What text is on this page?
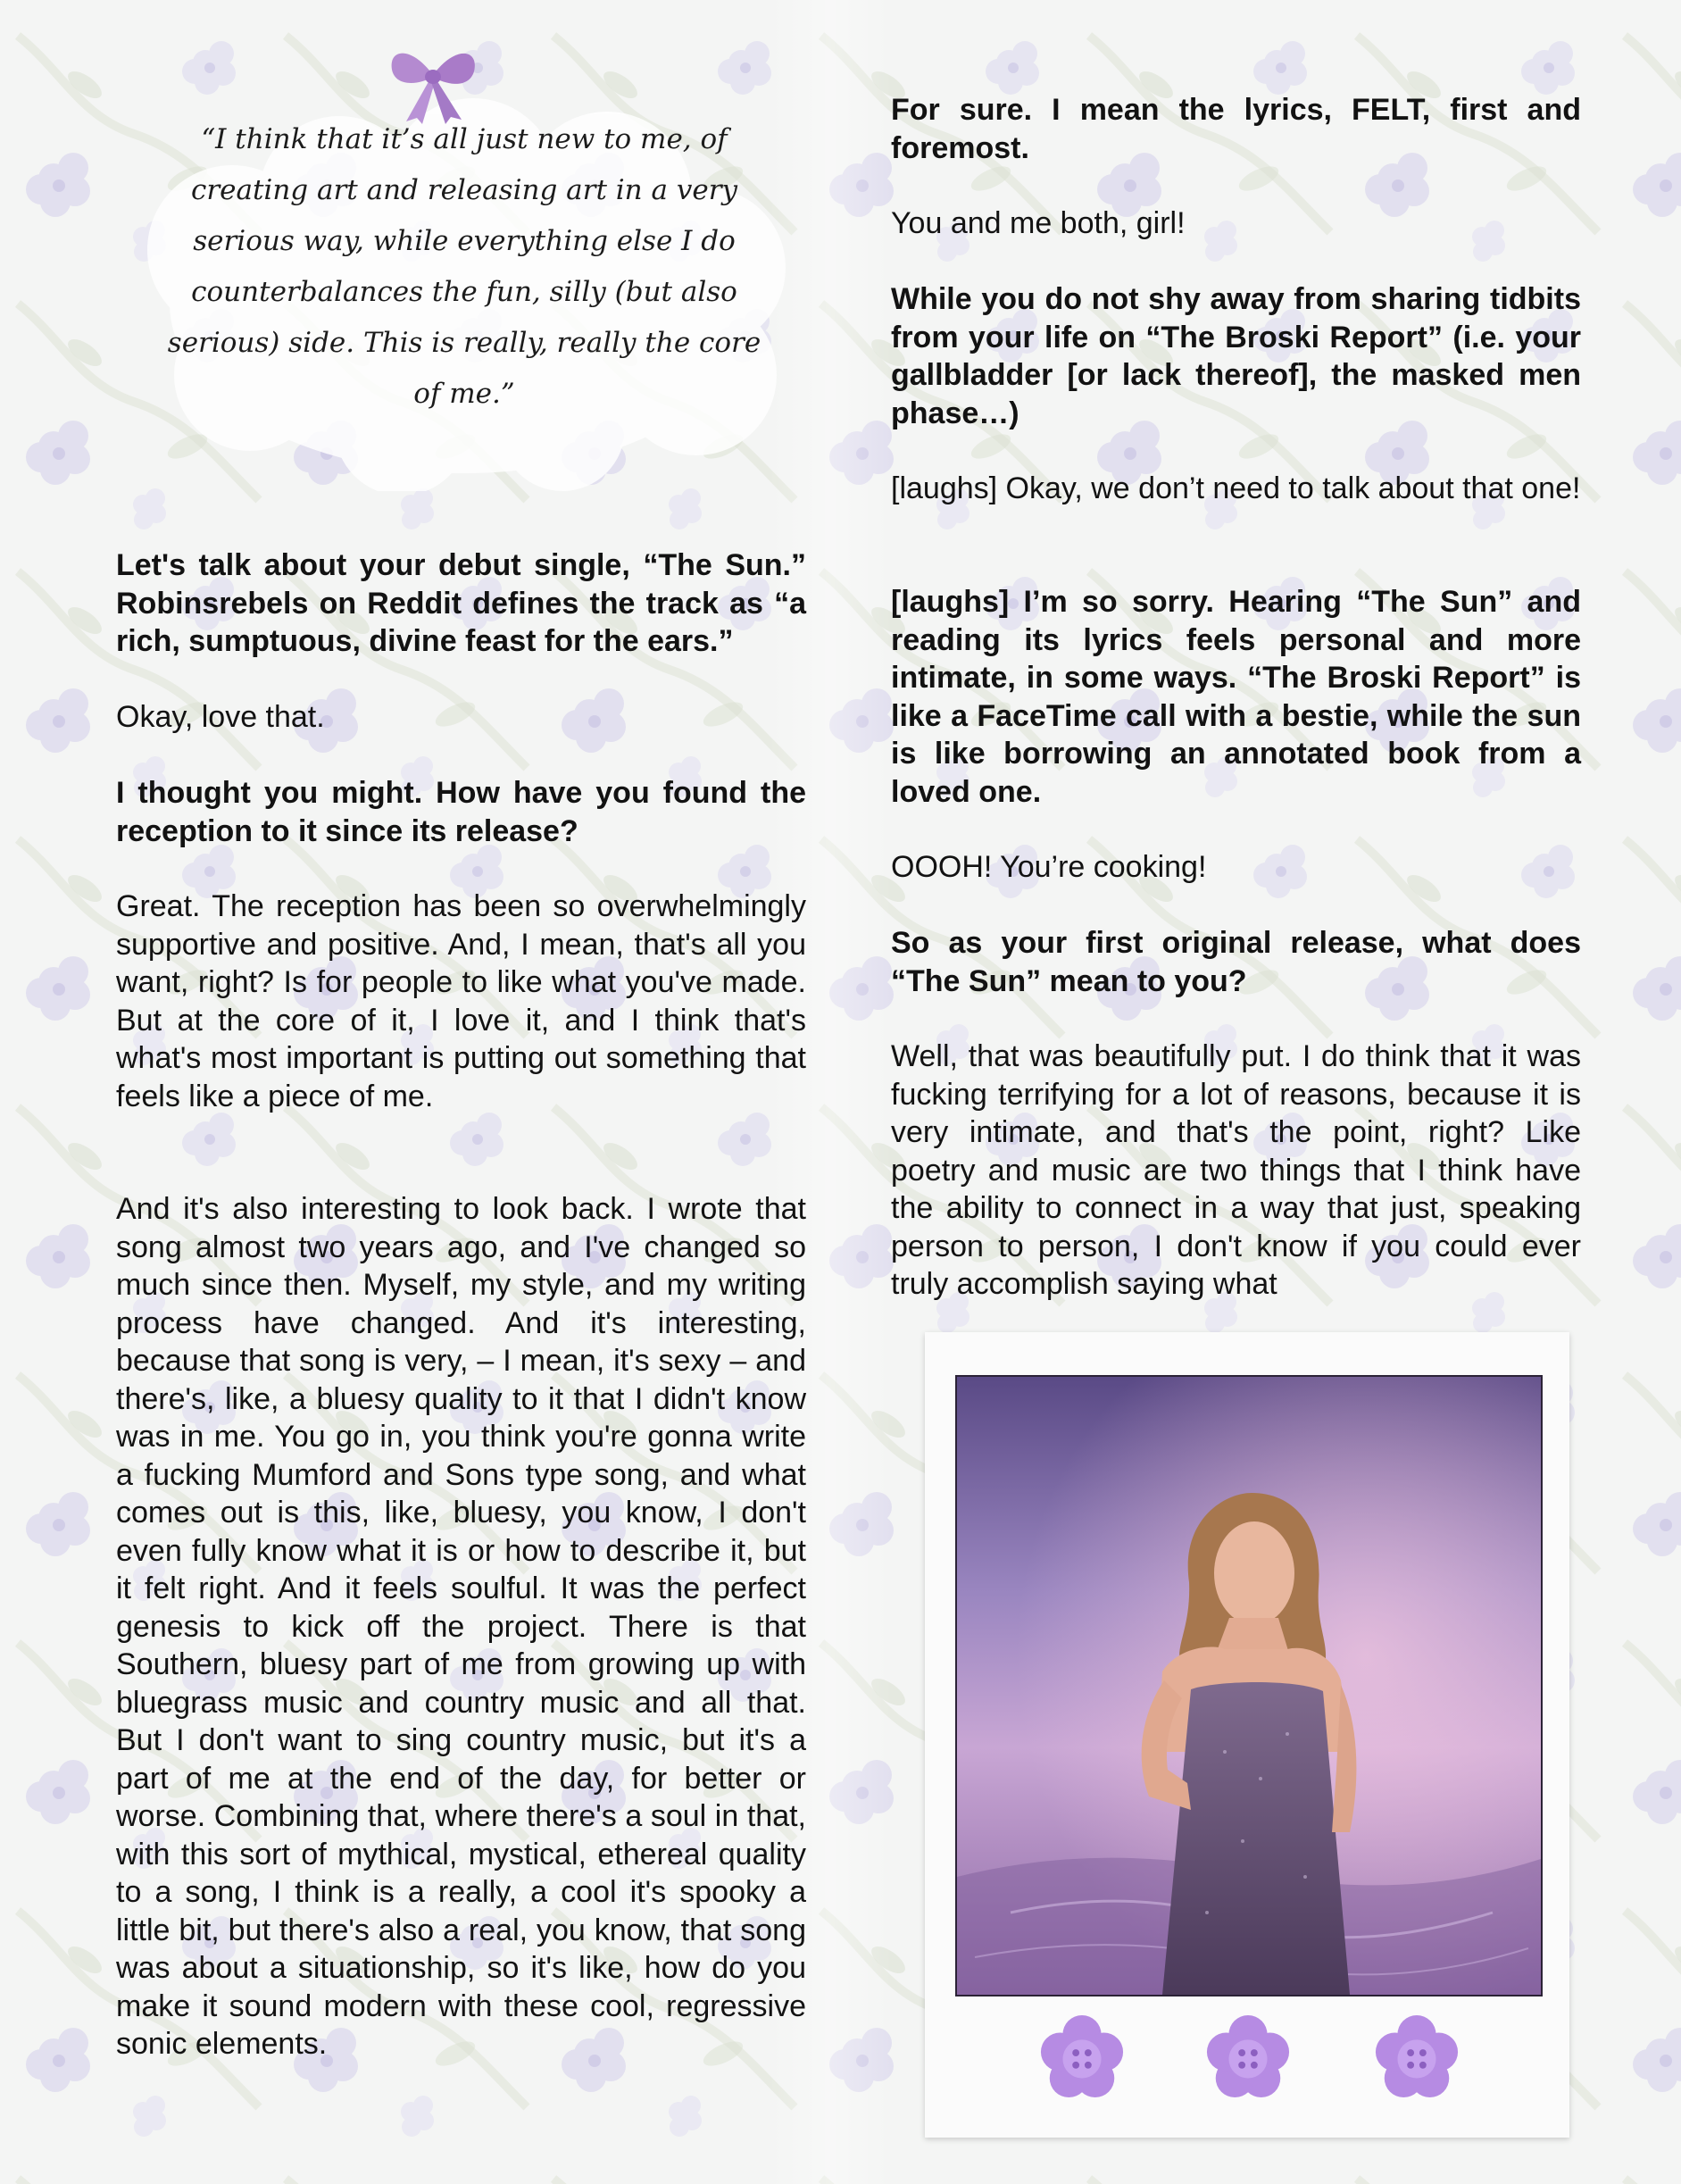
“I think that it’s all just new to me, of creating art and releasing art in a very serious way, while everything else I do counterbalances the fun, silly (but also serious) side. This is really, really the core of me.”

Let's talk about your debut single, “The Sun.” Robinsrebels on Reddit defines the track as “a rich, sumptuous, divine feast for the ears.”

Okay, love that.

I thought you might. How have you found the reception to it since its release?

Great. The reception has been so overwhelmingly supportive and positive. And, I mean, that's all you want, right? Is for people to like what you've made. But at the core of it, I love it, and I think that's what's most important is putting out something that feels like a piece of me.

And it's also interesting to look back. I wrote that song almost two years ago, and I've changed so much since then. Myself, my style, and my writing process have changed. And it's interesting, because that song is very, – I mean, it's sexy – and there's, like, a bluesy quality to it that I didn't know was in me. You go in, you think you're gonna write a fucking Mumford and Sons type song, and what comes out is this, like, bluesy, you know, I don't even fully know what it is or how to describe it, but it felt right. And it feels soulful. It was the perfect genesis to kick off the project. There is that Southern, bluesy part of me from growing up with bluegrass music and country music and all that. But I don't want to sing country music, but it's a part of me at the end of the day, for better or worse. Combining that, where there's a soul in that, with this sort of mythical, mystical, ethereal quality to a song, I think is a really, a cool it's spooky a little bit, but there's also a real, you know, that song was about a situationship, so it's like, how do you make it sound modern with these cool, regressive sonic elements.

For sure. I mean the lyrics, FELT, first and foremost.

You and me both, girl!

While you do not shy away from sharing tidbits from your life on “The Broski Report” (i.e. your gallbladder [or lack thereof], the masked men phase…)

[laughs] Okay, we don’t need to talk about that one!

[laughs] I’m so sorry. Hearing “The Sun” and reading its lyrics feels personal and more intimate, in some ways. “The Broski Report” is like a FaceTime call with a bestie, while the sun is like borrowing an annotated book from a loved one.

OOOH! You’re cooking!

So as your first original release, what does “The Sun” mean to you?

Well, that was beautifully put. I do think that it was fucking terrifying for a lot of reasons, because it is very intimate, and that's the point, right? Like poetry and music are two things that I think have the ability to connect in a way that just, speaking person to person, I don't know if you could ever truly accomplish saying what
